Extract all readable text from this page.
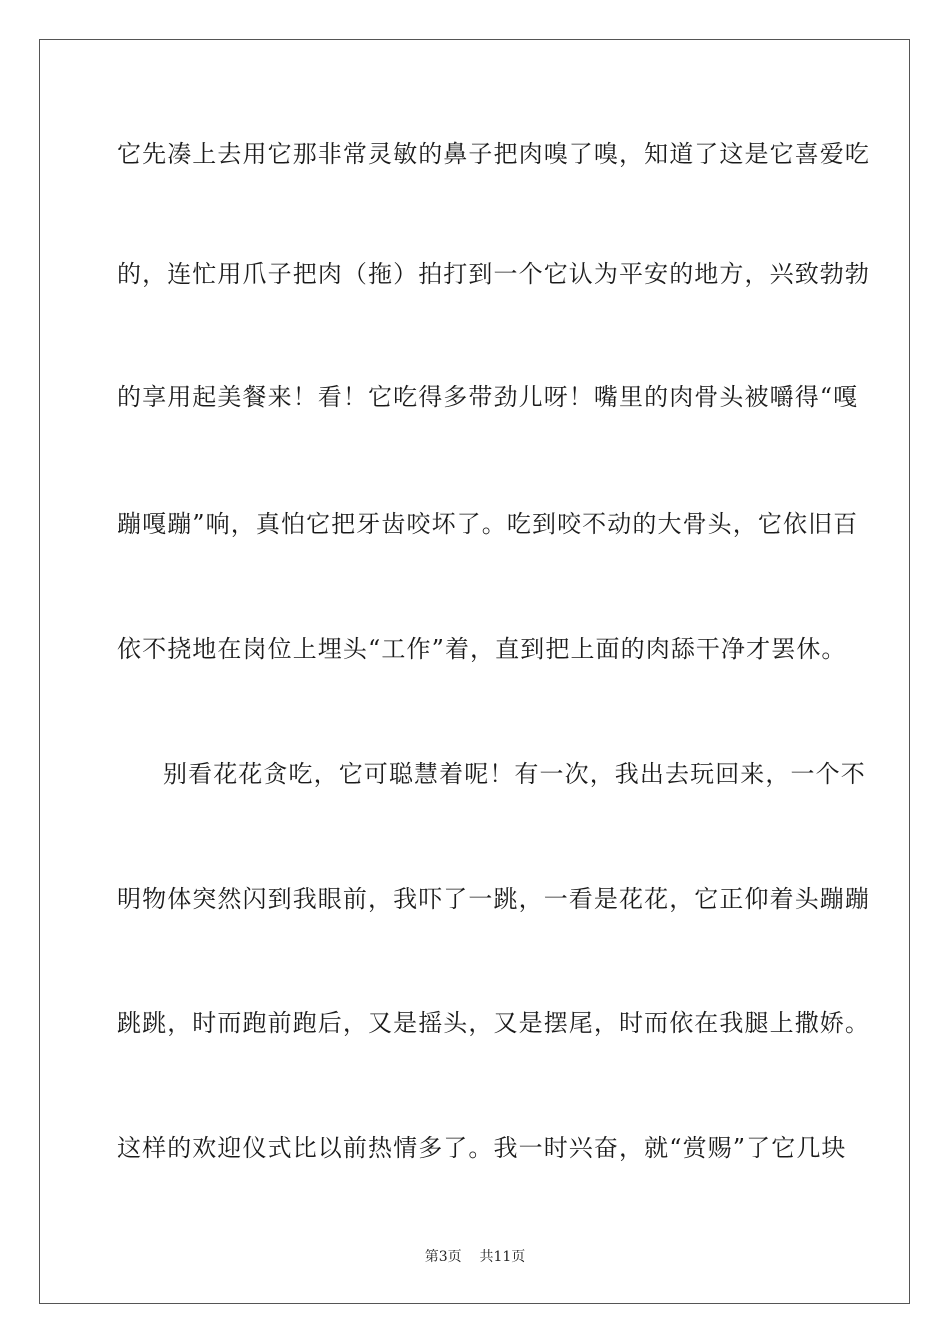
它先凑上去用它那非常灵敏的鼻子把肉嗅了嗅，知道了这是它喜爱吃
的，连忙用爪子把肉（拖）拍打到一个它认为平安的地方，兴致勃勃
的享用起美餐来！看！它吃得多带劲儿呀！嘴里的肉骨头被嚼得“嘎
蹦嘎蹦”响，真怕它把牙齿咬坏了。吃到咬不动的大骨头，它依旧百
依不挠地在岗位上埋头“工作”着，直到把上面的肉舔干净才罢休。
别看花花贪吃，它可聪慧着呢！有一次，我出去玩回来，一个不
明物体突然闪到我眼前，我吓了一跳，一看是花花，它正仰着头蹦蹦
跳跳，时而跑前跑后，又是摇头，又是摆尾，时而依在我腿上撒娇。
这样的欢迎仪式比以前热情多了。我一时兴奋，就“赏赐”了它几块
第3页    共11页
